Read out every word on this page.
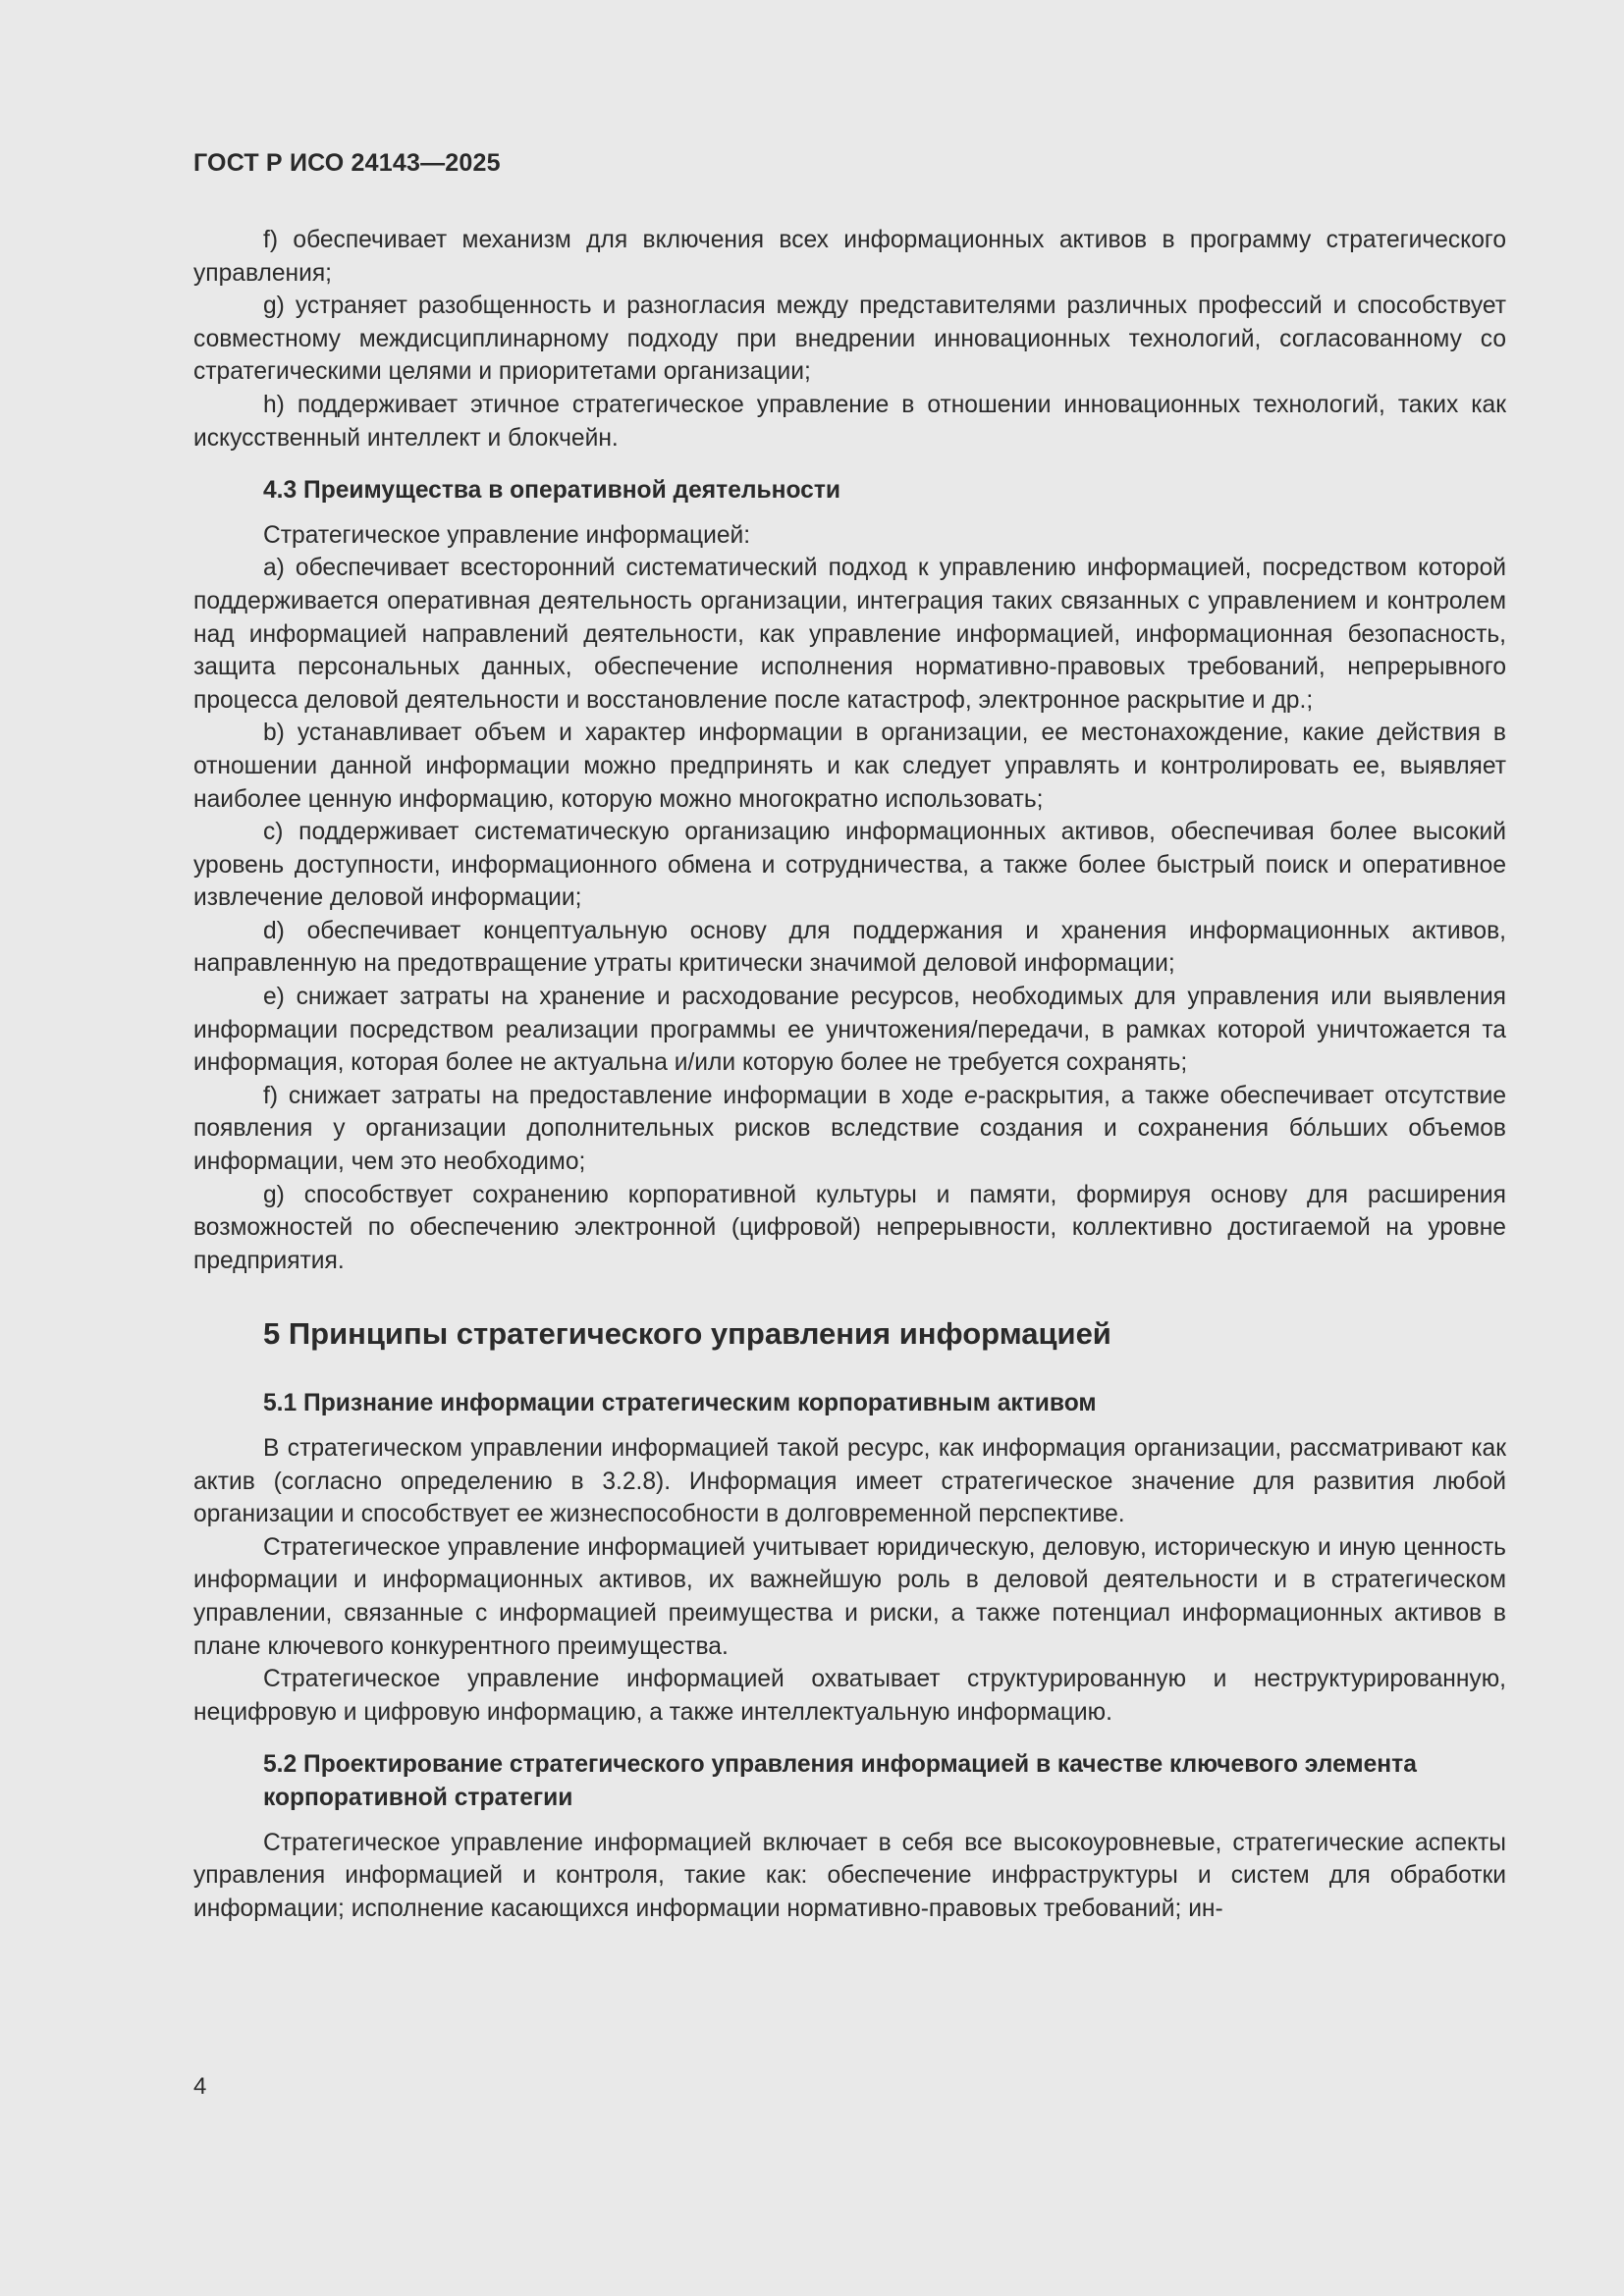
ГОСТ Р ИСО 24143—2025

f) обеспечивает механизм для включения всех информационных активов в программу стратегического управления;

g) устраняет разобщенность и разногласия между представителями различных профессий и способствует совместному междисциплинарному подходу при внедрении инновационных технологий, согласованному со стратегическими целями и приоритетами организации;

h) поддерживает этичное стратегическое управление в отношении инновационных технологий, таких как искусственный интеллект и блокчейн.

4.3 Преимущества в оперативной деятельности

Стратегическое управление информацией:

a) обеспечивает всесторонний систематический подход к управлению информацией, посредством которой поддерживается оперативная деятельность организации, интеграция таких связанных с управлением и контролем над информацией направлений деятельности, как управление информацией, информационная безопасность, защита персональных данных, обеспечение исполнения нормативно-правовых требований, непрерывного процесса деловой деятельности и восстановление после катастроф, электронное раскрытие и др.;

b) устанавливает объем и характер информации в организации, ее местонахождение, какие действия в отношении данной информации можно предпринять и как следует управлять и контролировать ее, выявляет наиболее ценную информацию, которую можно многократно использовать;

c) поддерживает систематическую организацию информационных активов, обеспечивая более высокий уровень доступности, информационного обмена и сотрудничества, а также более быстрый поиск и оперативное извлечение деловой информации;

d) обеспечивает концептуальную основу для поддержания и хранения информационных активов, направленную на предотвращение утраты критически значимой деловой информации;

e) снижает затраты на хранение и расходование ресурсов, необходимых для управления или выявления информации посредством реализации программы ее уничтожения/передачи, в рамках которой уничтожается та информация, которая более не актуальна и/или которую более не требуется сохранять;

f) снижает затраты на предоставление информации в ходе e-раскрытия, а также обеспечивает отсутствие появления у организации дополнительных рисков вследствие создания и сохранения бóльших объемов информации, чем это необходимо;

g) способствует сохранению корпоративной культуры и памяти, формируя основу для расширения возможностей по обеспечению электронной (цифровой) непрерывности, коллективно достигаемой на уровне предприятия.

5 Принципы стратегического управления информацией
5.1 Признание информации стратегическим корпоративным активом

В стратегическом управлении информацией такой ресурс, как информация организации, рассматривают как актив (согласно определению в 3.2.8). Информация имеет стратегическое значение для развития любой организации и способствует ее жизнеспособности в долговременной перспективе.

Стратегическое управление информацией учитывает юридическую, деловую, историческую и иную ценность информации и информационных активов, их важнейшую роль в деловой деятельности и в стратегическом управлении, связанные с информацией преимущества и риски, а также потенциал информационных активов в плане ключевого конкурентного преимущества.

Стратегическое управление информацией охватывает структурированную и неструктурированную, нецифровую и цифровую информацию, а также интеллектуальную информацию.

5.2 Проектирование стратегического управления информацией в качестве ключевого элемента корпоративной стратегии

Стратегическое управление информацией включает в себя все высокоуровневые, стратегические аспекты управления информацией и контроля, такие как: обеспечение инфраструктуры и систем для обработки информации; исполнение касающихся информации нормативно-правовых требований; ин-

4
